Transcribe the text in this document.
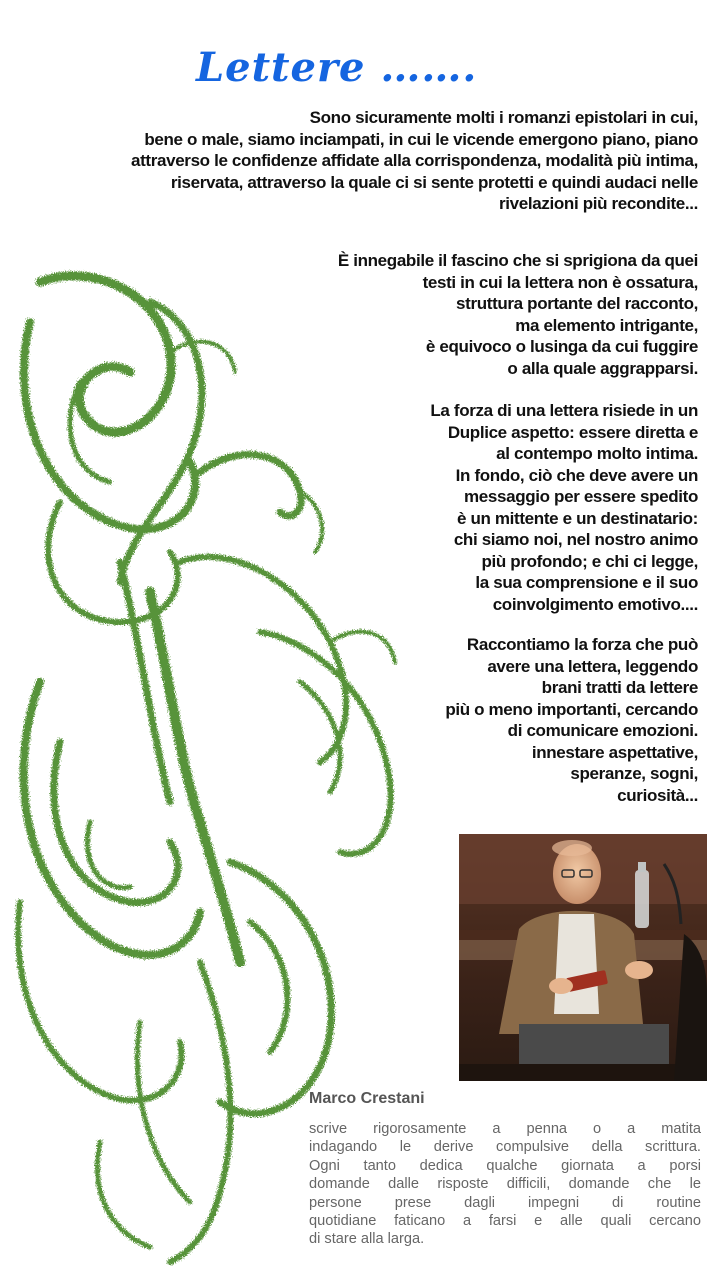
Lettere …….
Sono sicuramente molti i romanzi epistolari in cui,
bene o male, siamo inciampati, in cui le vicende emergono piano, piano
attraverso le confidenze affidate alla corrispondenza, modalità più intima,
riservata, attraverso la quale ci si sente protetti e quindi audaci nelle
rivelazioni più recondite...
È innegabile il fascino che si sprigiona da quei
testi in cui la lettera non è ossatura,
struttura portante del racconto,
ma elemento intrigante,
è equivoco o lusinga da cui fuggire
o alla quale aggrapparsi.
La forza di una lettera risiede in un
Duplice aspetto: essere diretta e
al contempo molto intima.
In fondo, ciò che deve avere un
messaggio per essere spedito
è un mittente e un destinatario:
chi siamo noi, nel nostro animo
più profondo; e chi ci legge,
la sua comprensione e il suo
coinvolgimento emotivo....
Raccontiamo la forza che può
avere una lettera, leggendo
brani tratti da lettere
più o meno importanti, cercando
di comunicare emozioni.
innestare aspettative,
speranze, sogni,
curiosità...
Marco Crestani
scrive rigorosamente a penna o a matita
indagando le derive compulsive della scrittura.
Ogni tanto dedica qualche giornata a porsi
domande dalle risposte difficili, domande che le
persone prese dagli impegni di routine
quotidiane faticano a farsi e alle quali cercano
di stare alla larga.
